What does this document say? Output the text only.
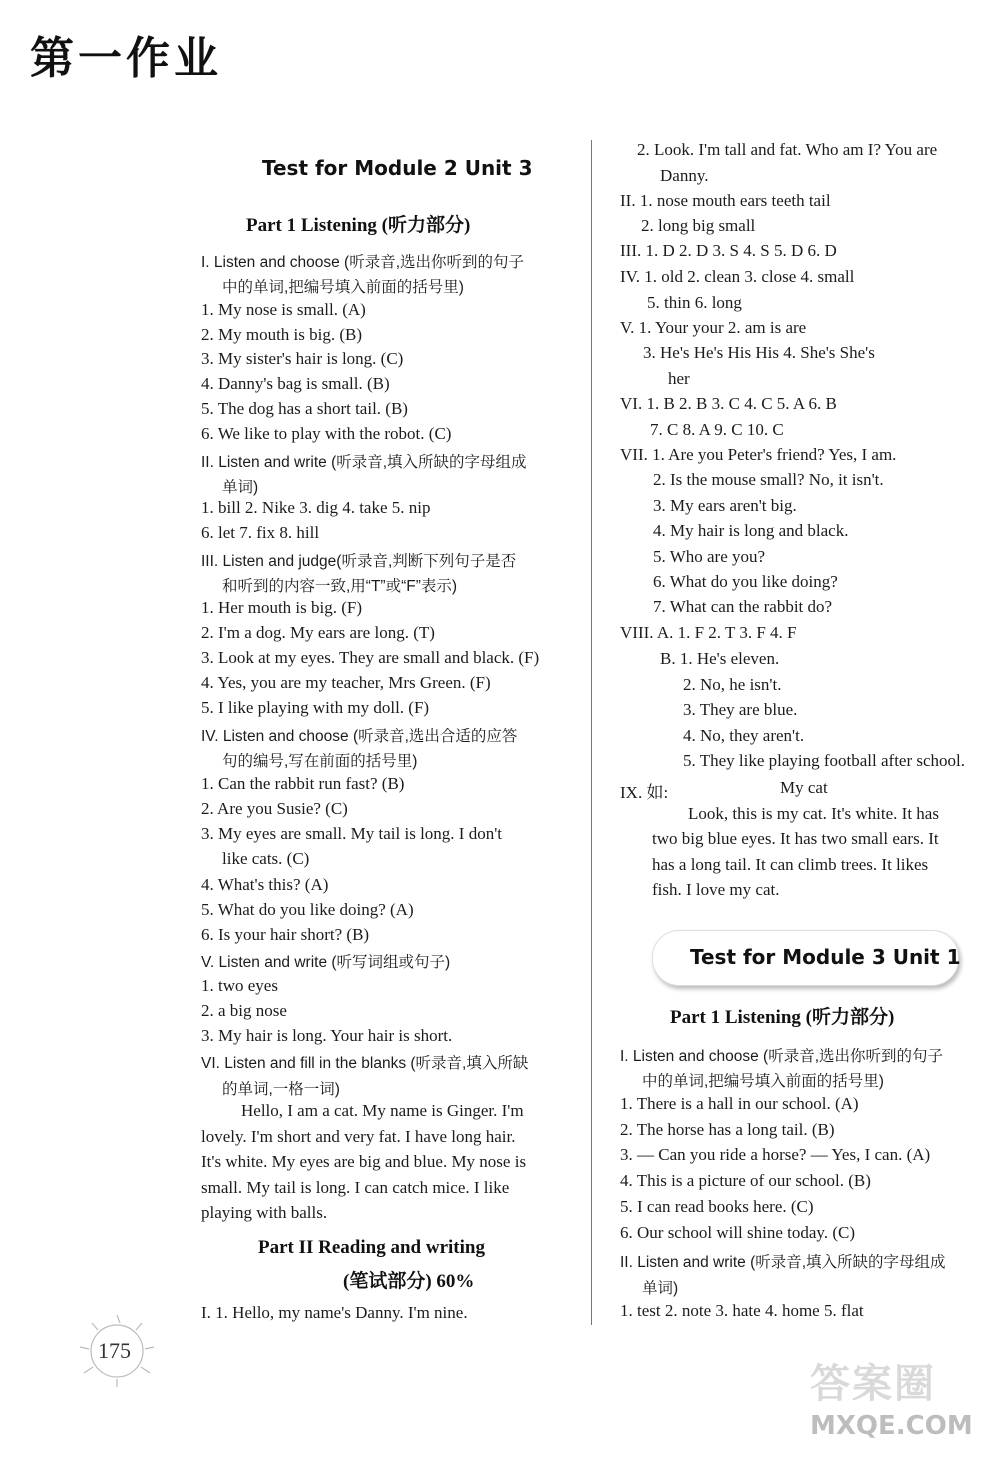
第一作业
Test for Module 2 Unit 3
Part 1 Listening (听力部分)
I. Listen and choose (听录音,选出你听到的句子
中的单词,把编号填入前面的括号里)
1. My nose is small. (A)
2. My mouth is big. (B)
3. My sister's hair is long. (C)
4. Danny's bag is small. (B)
5. The dog has a short tail. (B)
6. We like to play with the robot. (C)
II. Listen and write (听录音,填入所缺的字母组成
单词)
1. bill 2. Nike 3. dig 4. take 5. nip
6. let 7. fix 8. hill
III. Listen and judge(听录音,判断下列句子是否
和听到的内容一致,用“T”或“F”表示)
1. Her mouth is big. (F)
2. I'm a dog. My ears are long. (T)
3. Look at my eyes. They are small and black. (F)
4. Yes, you are my teacher, Mrs Green. (F)
5. I like playing with my doll. (F)
IV. Listen and choose (听录音,选出合适的应答
句的编号,写在前面的括号里)
1. Can the rabbit run fast? (B)
2. Are you Susie? (C)
3. My eyes are small. My tail is long. I don't
like cats. (C)
4. What's this? (A)
5. What do you like doing? (A)
6. Is your hair short? (B)
V. Listen and write (听写词组或句子)
1. two eyes
2. a big nose
3. My hair is long. Your hair is short.
VI. Listen and fill in the blanks (听录音,填入所缺
的单词,一格一词)
Hello, I am a cat. My name is Ginger. I'm
lovely. I'm short and very fat. I have long hair.
It's white. My eyes are big and blue. My nose is
small. My tail is long. I can catch mice. I like
playing with balls.
Part II Reading and writing
(笔试部分) 60%
I. 1. Hello, my name's Danny. I'm nine.
2. Look. I'm tall and fat. Who am I? You are
Danny.
II. 1. nose mouth ears teeth tail
2. long big small
III. 1. D 2. D 3. S 4. S 5. D 6. D
IV. 1. old 2. clean 3. close 4. small
5. thin 6. long
V. 1. Your your 2. am is are
3. He's He's His His 4. She's She's
her
VI. 1. B 2. B 3. C 4. C 5. A 6. B
7. C 8. A 9. C 10. C
VII. 1. Are you Peter's friend? Yes, I am.
2. Is the mouse small? No, it isn't.
3. My ears aren't big.
4. My hair is long and black.
5. Who are you?
6. What do you like doing?
7. What can the rabbit do?
VIII. A. 1. F 2. T 3. F 4. F
B. 1. He's eleven.
2. No, he isn't.
3. They are blue.
4. No, they aren't.
5. They like playing football after school.
IX. 如:	My cat
Look, this is my cat. It's white. It has
two big blue eyes. It has two small ears. It
has a long tail. It can climb trees. It likes
fish. I love my cat.
Test for Module 3 Unit 1
Part 1 Listening (听力部分)
I. Listen and choose (听录音,选出你听到的句子
中的单词,把编号填入前面的括号里)
1. There is a hall in our school. (A)
2. The horse has a long tail. (B)
3. — Can you ride a horse? — Yes, I can. (A)
4. This is a picture of our school. (B)
5. I can read books here. (C)
6. Our school will shine today. (C)
II. Listen and write (听录音,填入所缺的字母组成
单词)
1. test 2. note 3. hate 4. home 5. flat
175
答案圈
MXQE.COM
